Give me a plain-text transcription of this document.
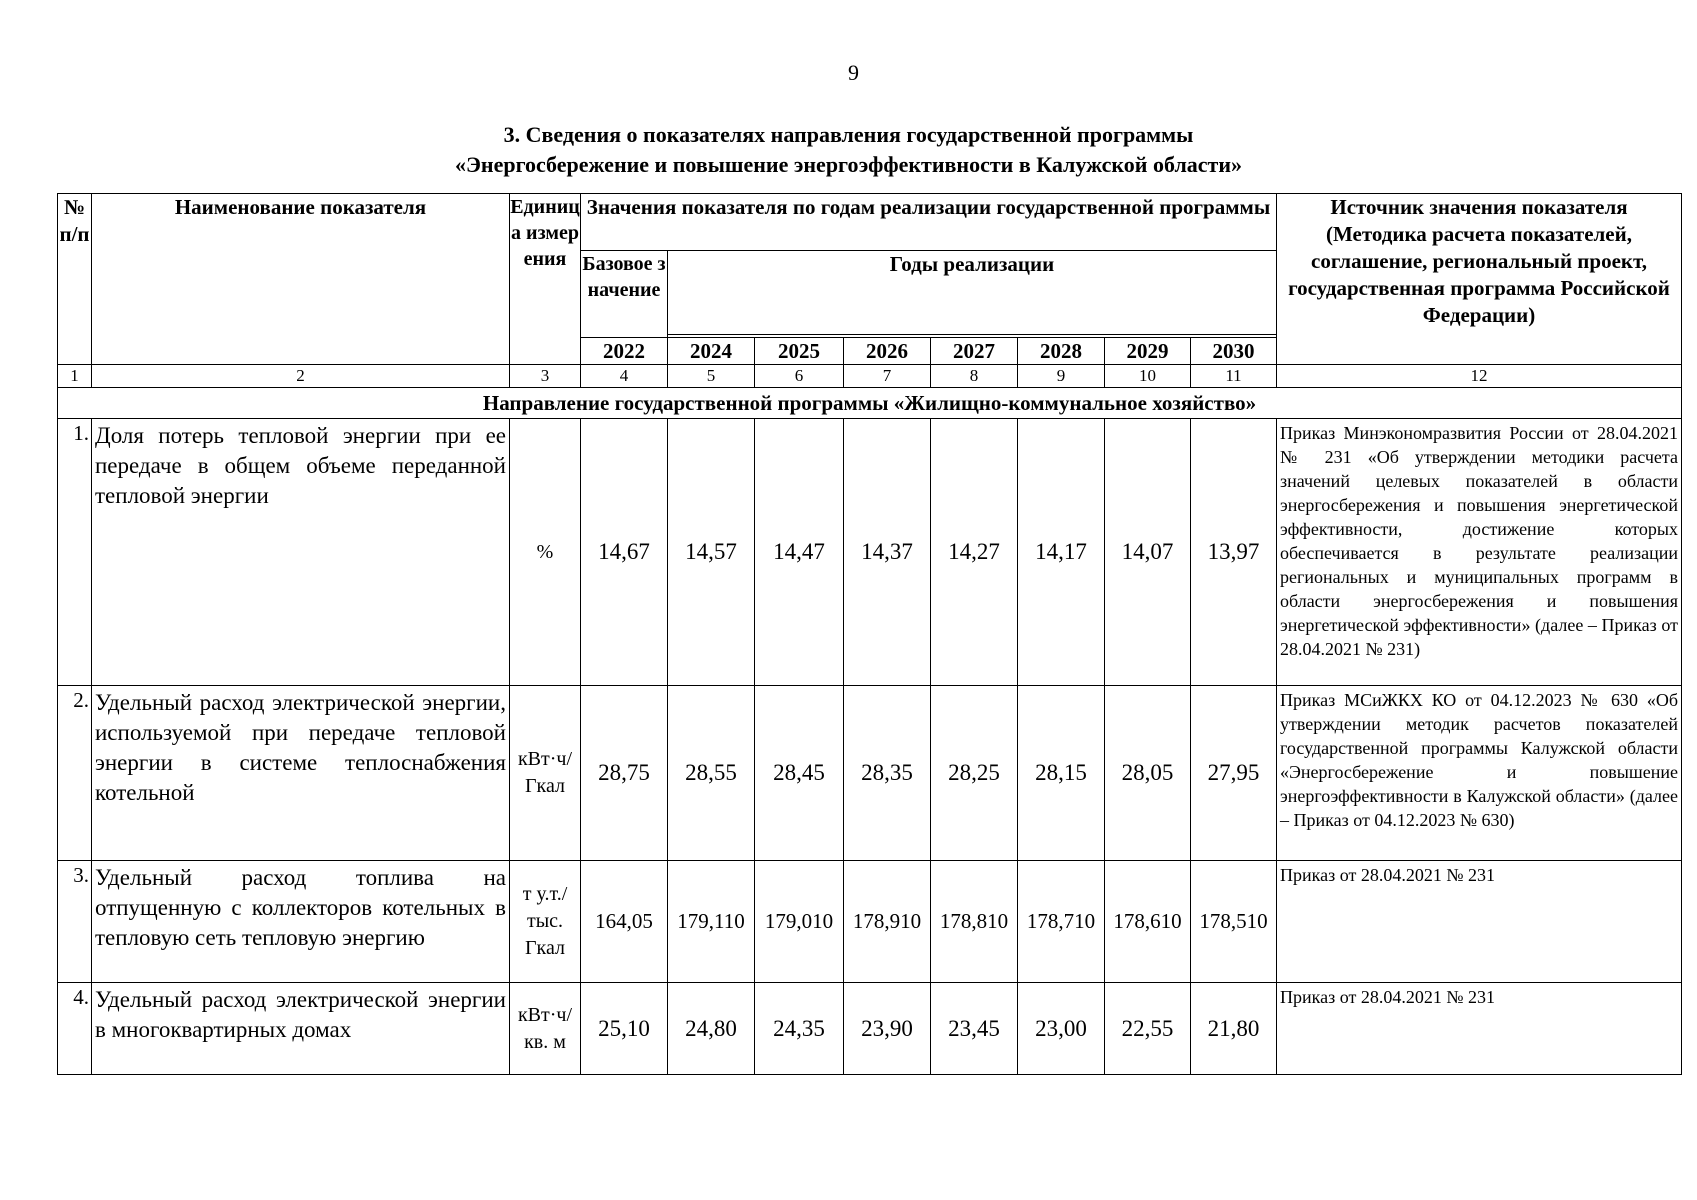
9
3. Сведения о показателях направления государственной программы
«Энергосбережение и повышение энергоэффективности в Калужской области»
№ п/п	Наименование показателя	Единица измерения	Значения показателя по годам реализации государственной программы								Источник значения показателя (Методика расчета показателей, соглашение, региональный проект, государственная программа Российской Федерации)
			Базовое значение	Годы реализации							

			2022	2024	2025	2026	2027	2028	2029	2030	
1	2	3	4	5	6	7	8	9	10	11	12
Направление государственной программы «Жилищно-коммунальное хозяйство»											
1.	Доля потерь тепловой энергии при ее передаче в общем объеме переданной тепловой энергии	%	14,67	14,57	14,47	14,37	14,27	14,17	14,07	13,97	Приказ Минэкономразвития России от 28.04.2021 № 231 «Об утверждении методики расчета значений целевых показателей в области энергосбережения и повышения энергетической эффективности, достижение которых обеспечивается в результате реализации региональных и муниципальных программ в области энергосбережения и повышения энергетической эффективности» (далее – Приказ от 28.04.2021 № 231)
2.	Удельный расход электрической энергии, используемой при передаче тепловой энергии в системе теплоснабжения котельной	кВт·ч/ Гкал	28,75	28,55	28,45	28,35	28,25	28,15	28,05	27,95	Приказ МСиЖКХ КО от 04.12.2023 № 630 «Об утверждении методик расчетов показателей государственной программы Калужской области «Энергосбережение и повышение энергоэффективности в Калужской области» (далее – Приказ от 04.12.2023 № 630)
3.	Удельный расход топлива на отпущенную с коллекторов котельных в тепловую сеть тепловую энергию	т у.т./ тыс. Гкал	164,05	179,110	179,010	178,910	178,810	178,710	178,610	178,510	Приказ от 28.04.2021 № 231
4.	Удельный расход электрической энергии в многоквартирных домах	кВт·ч/ кв. м	25,10	24,80	24,35	23,90	23,45	23,00	22,55	21,80	Приказ от 28.04.2021 № 231
